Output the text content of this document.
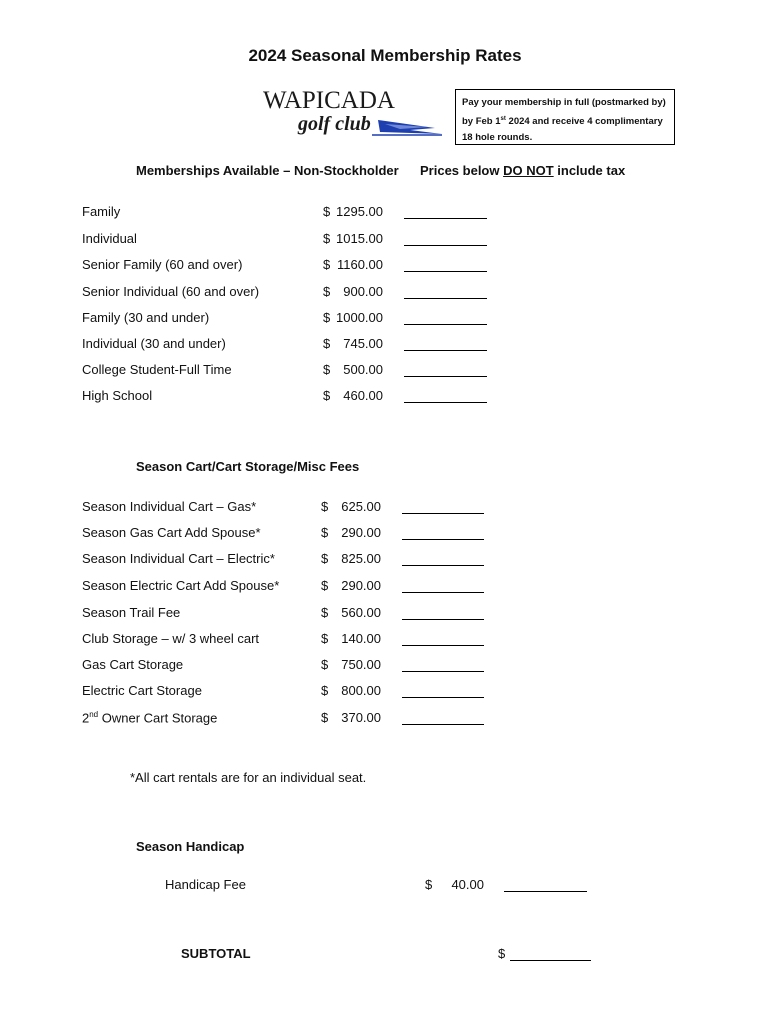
2024 Seasonal Membership Rates
WAPICADA
golf club
Pay your membership in full (postmarked by)
by Feb 1st 2024 and receive 4 complimentary
18 hole rounds.
Memberships Available – Non-Stockholder Prices below DO NOT include tax
Family	$ 1295.00
Individual	$ 1015.00
Senior Family (60 and over)	$ 1160.00
Senior Individual (60 and over)	$	900.00
Family (30 and under)	$ 1000.00
Individual (30 and under)	$	745.00
College Student-Full Time	$	500.00
High School	$	460.00
Season Cart/Cart Storage/Misc Fees
Season Individual Cart – Gas*	$	625.00
Season Gas Cart Add Spouse*	$	290.00
Season Individual Cart – Electric*	$	825.00
Season Electric Cart Add Spouse*	$	290.00
Season Trail Fee	$	560.00
Club Storage – w/ 3 wheel cart	$	140.00
Gas Cart Storage	$	750.00
Electric Cart Storage	$	800.00
2nd Owner Cart Storage	$	370.00
*All cart rentals are for an individual seat.
Season Handicap
Handicap Fee	$	40.00
SUBTOTAL	$
